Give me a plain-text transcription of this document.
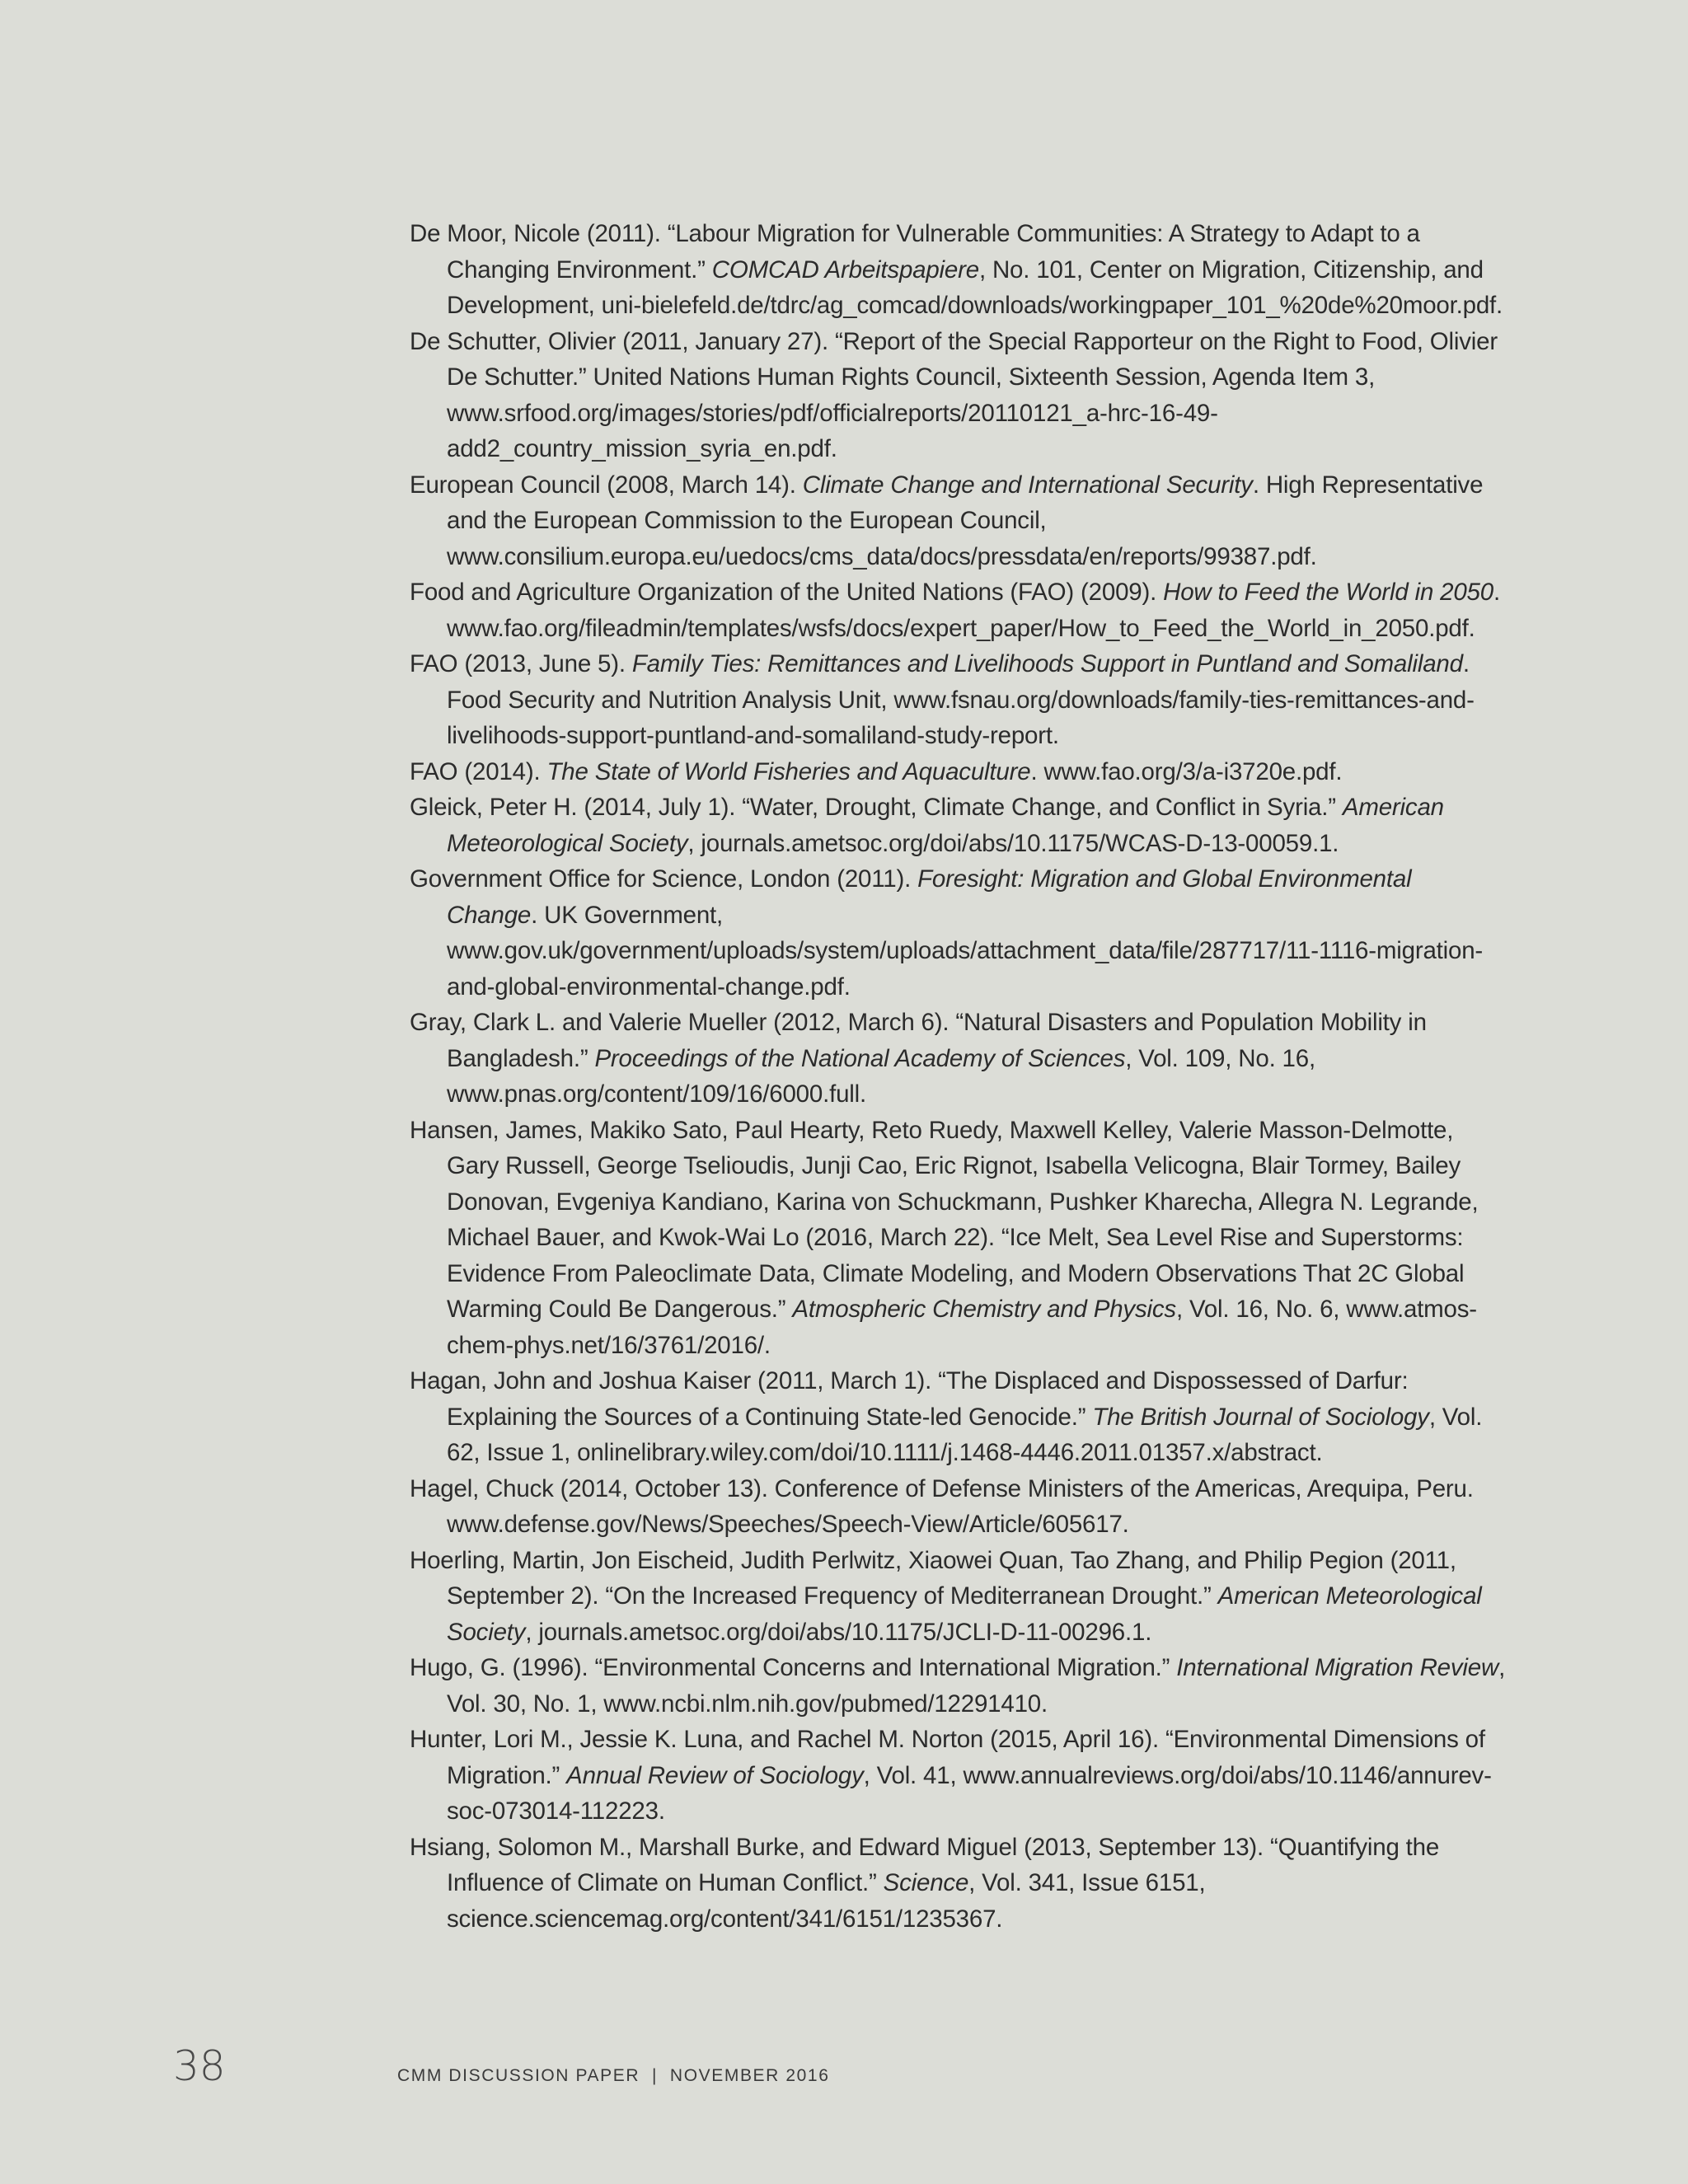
De Moor, Nicole (2011). “Labour Migration for Vulnerable Communities: A Strategy to Adapt to a Changing Environment.” COMCAD Arbeitspapiere, No. 101, Center on Migration, Citizenship, and Development, uni-bielefeld.de/tdrc/ag_comcad/downloads/workingpaper_101_%20de%20moor.pdf.

De Schutter, Olivier (2011, January 27). “Report of the Special Rapporteur on the Right to Food, Olivier De Schutter.” United Nations Human Rights Council, Sixteenth Session, Agenda Item 3, www.srfood.org/images/stories/pdf/officialreports/20110121_a-hrc-16-49-add2_country_mission_syria_en.pdf.

European Council (2008, March 14). Climate Change and International Security. High Representative and the European Commission to the European Council, www.consilium.europa.eu/uedocs/cms_data/docs/pressdata/en/reports/99387.pdf.

Food and Agriculture Organization of the United Nations (FAO) (2009). How to Feed the World in 2050. www.fao.org/fileadmin/templates/wsfs/docs/expert_paper/How_to_Feed_the_World_in_2050.pdf.

FAO (2013, June 5). Family Ties: Remittances and Livelihoods Support in Puntland and Somaliland. Food Security and Nutrition Analysis Unit, www.fsnau.org/downloads/family-ties-remittances-and-livelihoods-support-puntland-and-somaliland-study-report.

FAO (2014). The State of World Fisheries and Aquaculture. www.fao.org/3/a-i3720e.pdf.

Gleick, Peter H. (2014, July 1). “Water, Drought, Climate Change, and Conflict in Syria.” American Meteorological Society, journals.ametsoc.org/doi/abs/10.1175/WCAS-D-13-00059.1.

Government Office for Science, London (2011). Foresight: Migration and Global Environmental Change. UK Government, www.gov.uk/government/uploads/system/uploads/attachment_data/file/287717/11-1116-migration-and-global-environmental-change.pdf.

Gray, Clark L. and Valerie Mueller (2012, March 6). “Natural Disasters and Population Mobility in Bangladesh.” Proceedings of the National Academy of Sciences, Vol. 109, No. 16, www.pnas.org/content/109/16/6000.full.

Hansen, James, Makiko Sato, Paul Hearty, Reto Ruedy, Maxwell Kelley, Valerie Masson-Delmotte, Gary Russell, George Tselioudis, Junji Cao, Eric Rignot, Isabella Velicogna, Blair Tormey, Bailey Donovan, Evgeniya Kandiano, Karina von Schuckmann, Pushker Kharecha, Allegra N. Legrande, Michael Bauer, and Kwok-Wai Lo (2016, March 22). “Ice Melt, Sea Level Rise and Superstorms: Evidence From Paleoclimate Data, Climate Modeling, and Modern Observations That 2C Global Warming Could Be Dangerous.” Atmospheric Chemistry and Physics, Vol. 16, No. 6, www.atmos-chem-phys.net/16/3761/2016/.

Hagan, John and Joshua Kaiser (2011, March 1). “The Displaced and Dispossessed of Darfur: Explaining the Sources of a Continuing State-led Genocide.” The British Journal of Sociology, Vol. 62, Issue 1, onlinelibrary.wiley.com/doi/10.1111/j.1468-4446.2011.01357.x/abstract.

Hagel, Chuck (2014, October 13). Conference of Defense Ministers of the Americas, Arequipa, Peru. www.defense.gov/News/Speeches/Speech-View/Article/605617.

Hoerling, Martin, Jon Eischeid, Judith Perlwitz, Xiaowei Quan, Tao Zhang, and Philip Pegion (2011, September 2). “On the Increased Frequency of Mediterranean Drought.” American Meteorological Society, journals.ametsoc.org/doi/abs/10.1175/JCLI-D-11-00296.1.

Hugo, G. (1996). “Environmental Concerns and International Migration.” International Migration Review, Vol. 30, No. 1, www.ncbi.nlm.nih.gov/pubmed/12291410.

Hunter, Lori M., Jessie K. Luna, and Rachel M. Norton (2015, April 16). “Environmental Dimensions of Migration.” Annual Review of Sociology, Vol. 41, www.annualreviews.org/doi/abs/10.1146/annurev-soc-073014-112223.

Hsiang, Solomon M., Marshall Burke, and Edward Miguel (2013, September 13). “Quantifying the Influence of Climate on Human Conflict.” Science, Vol. 341, Issue 6151, science.sciencemag.org/content/341/6151/1235367.

38	CMM DISCUSSION PAPER  |  NOVEMBER 2016
